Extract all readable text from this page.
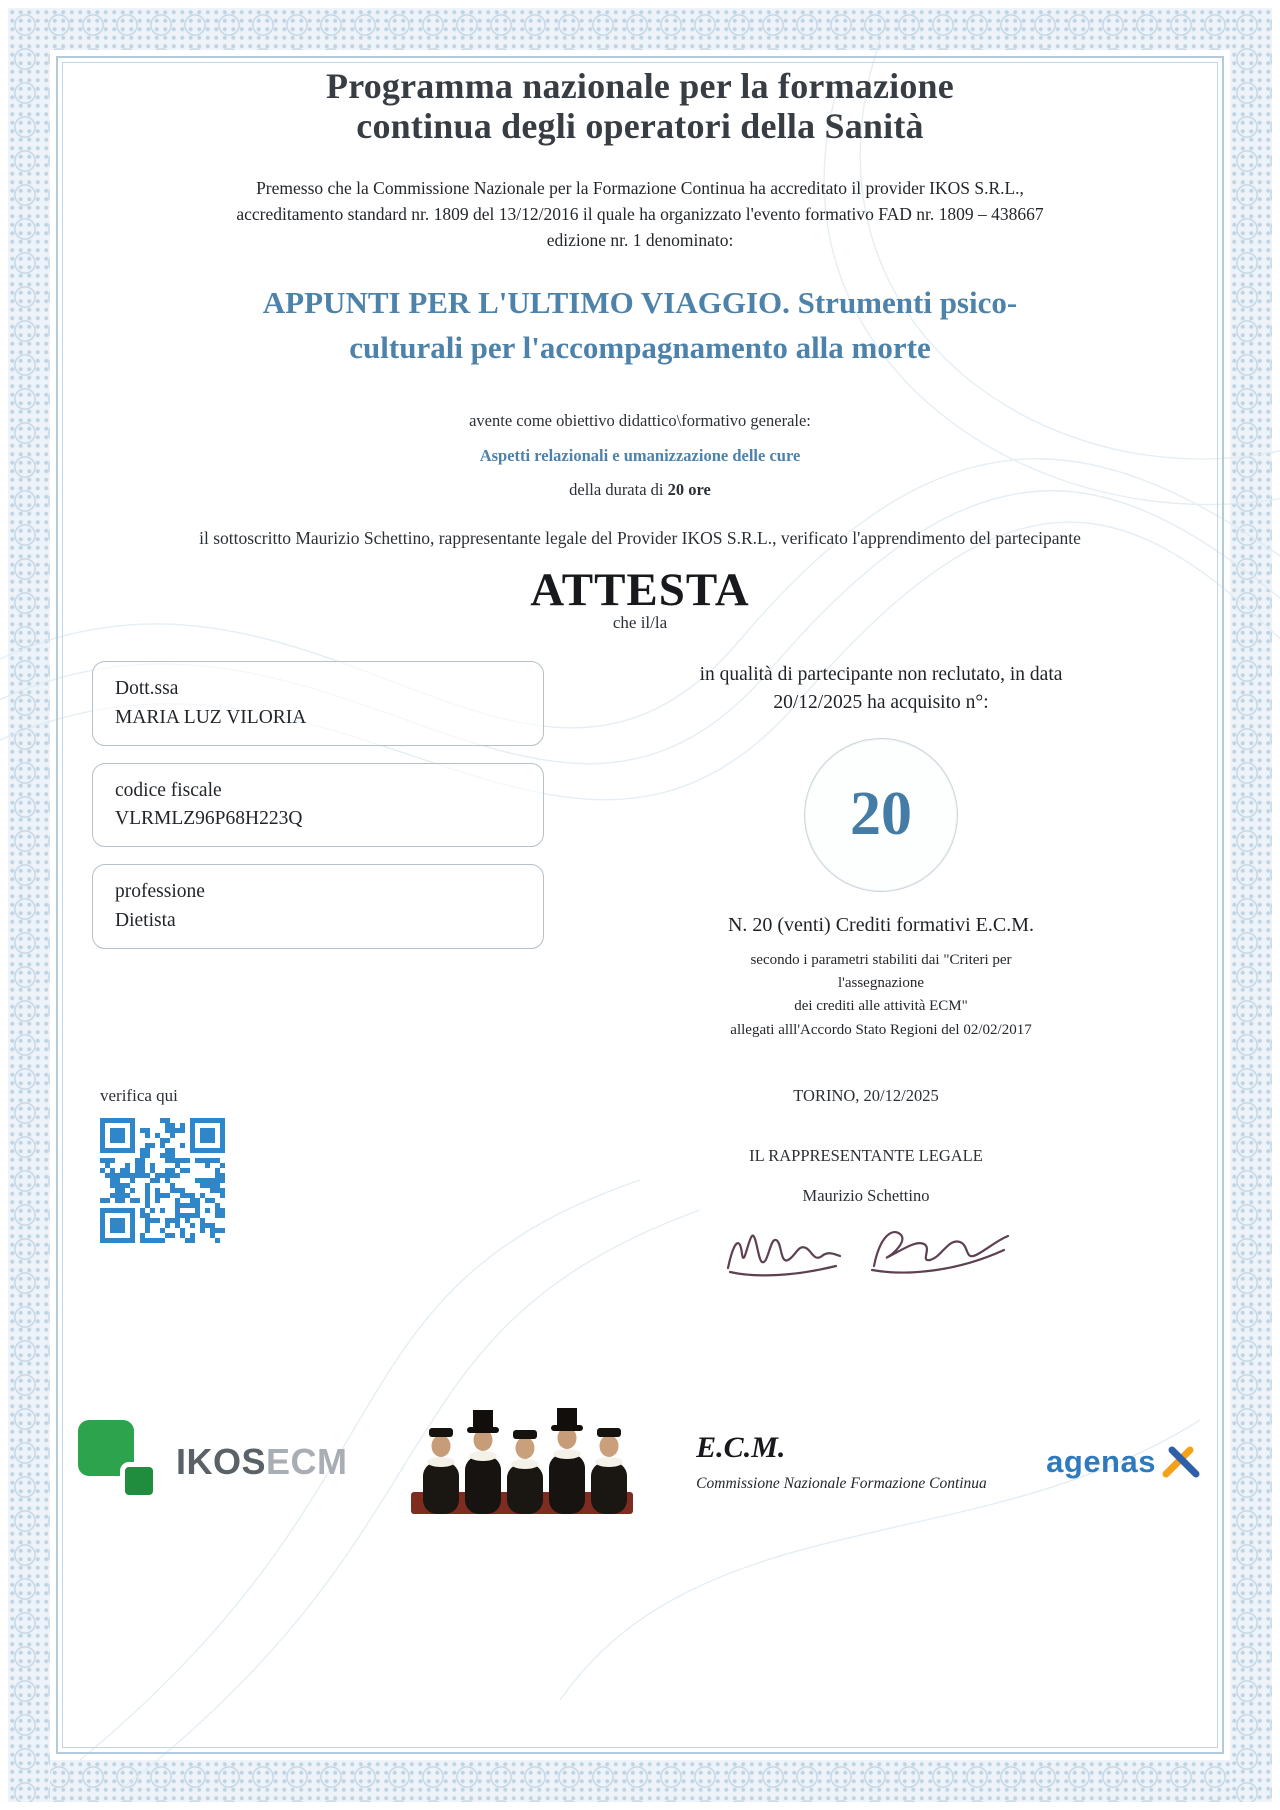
Programma nazionale per la formazione
continua degli operatori della Sanità

Premesso che la Commissione Nazionale per la Formazione Continua ha accreditato il provider IKOS S.R.L., accreditamento standard nr. 1809 del 13/12/2016 il quale ha organizzato l'evento formativo FAD nr. 1809 – 438667 edizione nr. 1 denominato:

APPUNTI PER L'ULTIMO VIAGGIO. Strumenti psico-culturali per l'accompagnamento alla morte
avente come obiettivo didattico\formativo generale:
Aspetti relazionali e umanizzazione delle cure
della durata di 20 ore

il sottoscritto Maurizio Schettino, rappresentante legale del Provider IKOS S.R.L., verificato l'apprendimento del partecipante

ATTESTA
che il/la
Dott.ssa
MARIA LUZ VILORIA
codice fiscale
VLRMLZ96P68H223Q
professione
Dietista
in qualità di partecipante non reclutato, in data 20/12/2025 ha acquisito n°:
20
N. 20 (venti) Crediti formativi E.C.M.
secondo i parametri stabiliti dai "Criteri per
l'assegnazione
dei crediti alle attività ECM"
allegati alll'Accordo Stato Regioni del 02/02/2017
verifica qui	TORINO, 20/12/2025
IL RAPPRESENTANTE LEGALE
Maurizio Schettino
IKOSECM	E.C.M.
Commissione Nazionale Formazione Continua
agenas
